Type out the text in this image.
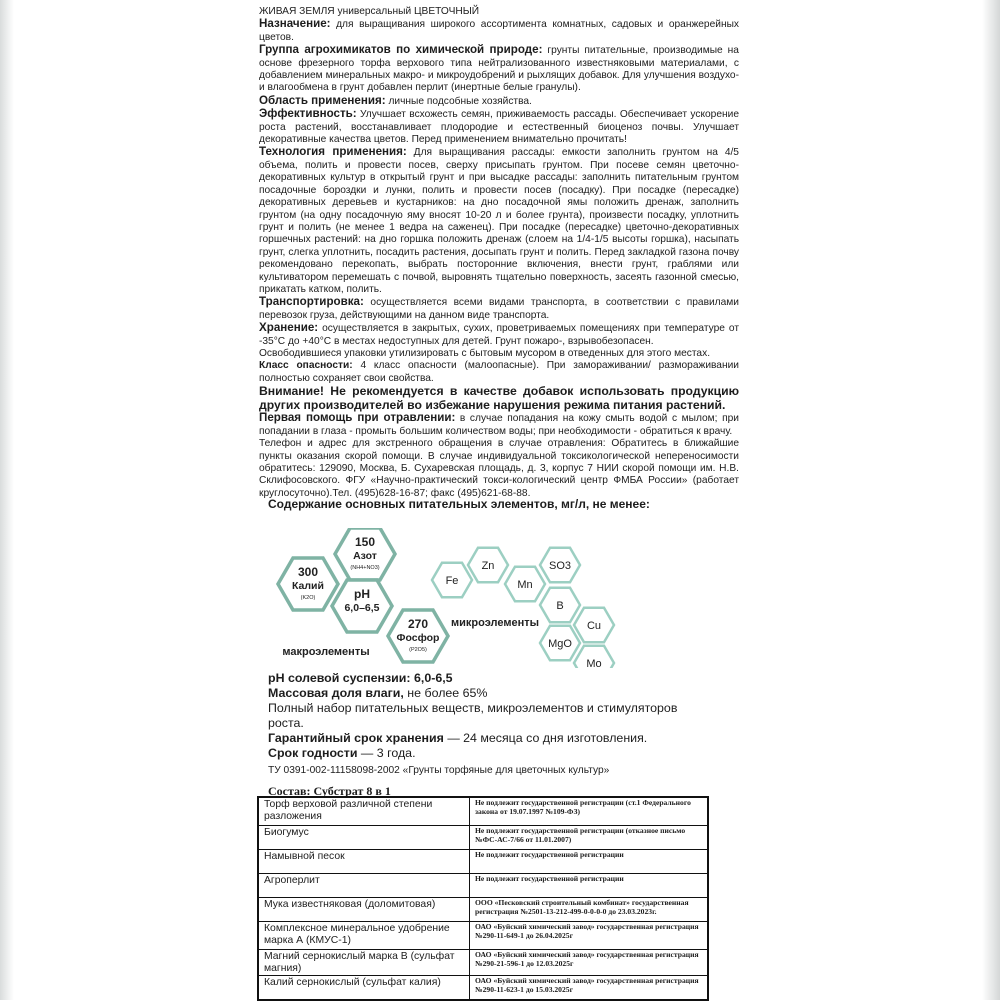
ЖИВАЯ ЗЕМЛЯ универсальный ЦВЕТОЧНЫЙ

Назначение: для выращивания широкого ассортимента комнатных, садовых и оранжерейных цветов.

Группа агрохимикатов по химической природе: грунты питательные, производимые на основе фрезерного торфа верхового типа нейтрализованного известняковыми материалами, с добавлением минеральных макро- и микроудобрений и рыхлящих добавок. Для улучшения воздухо- и влагообмена в грунт добавлен перлит (инертные белые гранулы).

Область применения: личные подсобные хозяйства.

Эффективность: Улучшает всхожесть семян, приживаемость рассады. Обеспечивает ускорение роста растений, восстанавливает плодородие и естественный биоценоз почвы. Улучшает декоративные качества цветов. Перед применением внимательно прочитать!

Технология применения: Для выращивания рассады: емкости заполнить грунтом на 4/5 объема, полить и провести посев, сверху присыпать грунтом. При посеве семян цветочно-декоративных культур в открытый грунт и при высадке рассады: заполнить питательным грунтом посадочные бороздки и лунки, полить и провести посев (посадку). При посадке (пересадке) декоративных деревьев и кустарников: на дно посадочной ямы положить дренаж, заполнить грунтом (на одну посадочную яму вносят 10-20 л и более грунта), произвести посадку, уплотнить грунт и полить (не менее 1 ведра на саженец). При посадке (пересадке) цветочно-декоративных горшечных растений: на дно горшка положить дренаж (слоем на 1/4-1/5 высоты горшка), насыпать грунт, слегка уплотнить, посадить растения, досыпать грунт и полить. Перед закладкой газона почву рекомендовано перекопать, выбрать посторонние включения, внести грунт, граблями или культиватором перемешать с почвой, выровнять тщательно поверхность, засеять газонной смесью, прикатать катком, полить.

Транспортировка: осуществляется всеми видами транспорта, в соответствии с правилами перевозок груза, действующими на данном виде транспорта.

Хранение: осуществляется в закрытых, сухих, проветриваемых помещениях при температуре от -35°С до +40°С в местах недоступных для детей. Грунт пожаро-, взрывобезопасен.

Освободившиеся упаковки утилизировать с бытовым мусором в отведенных для этого местах.

Класс опасности: 4 класс опасности (малоопасные). При замораживании/ размораживании полностью сохраняет свои свойства.

Внимание! Не рекомендуется в качестве добавок использовать продукцию других производителей во избежание нарушения режима питания растений.

Первая помощь при отравлении: в случае попадания на кожу смыть водой с мылом; при попадании в глаза - промыть большим количеством воды; при необходимости - обратиться к врачу.

Телефон и адрес для экстренного обращения в случае отравления: Обратитесь в ближайшие пункты оказания скорой помощи. В случае индивидуальной токсикологической непереносимости обратитесь: 129090, Москва, Б. Сухаревская площадь, д. 3, корпус 7 НИИ скорой помощи им. Н.В. Склифосовского. ФГУ «Научно-практический токси-кологический центр ФМБА России» (работает круглосуточно).Тел. (495)628-16-87; факс (495)621-68-88.

Содержание основных питательных элементов, мг/л, не менее:
150
Азот
(NH4+NO3)
300
Калий
(K2O)	pH
6,0–6,5
270
Фосфор
(P2O5)
Fe
Zn
Mn
SO3
B
Cu
MgO
Mo
макроэлементы
микроэлементы

pH солевой суспензии: 6,0-6,5

Массовая доля влаги, не более 65%

Полный набор питательных веществ, микроэлементов и стимуляторов роста.

Гарантийный срок хранения — 24 месяца со дня изготовления.

Срок годности — 3 года.

ТУ 0391-002-11158098-2002 «Грунты торфяные для цветочных культур»
Состав: Субстрат 8 в 1
Торф верховой различной степени разложения	Не подлежит государственной регистрации (ст.1 Федерального закона от 19.07.1997 №109-ФЗ)
Биогумус	Не подлежит государственной регистрации (отказное письмо №ФС-АС-7/66 от 11.01.2007)
Намывной песок	Не подлежит государственной регистрации
Агроперлит	Не подлежит государственной регистрации
Мука известняковая (доломитовая)	ООО «Песковский строительный комбинат» государственная регистрация №2501-13-212-499-0-0-0-0 до 23.03.2023г.
Комплексное минеральное удобрение марка А (КМУС-1)	ОАО «Буйский химический завод» государственная регистрация №290-11-649-1 до 26.04.2025г
Магний сернокислый марка В (сульфат магния)	ОАО «Буйский химический завод» государственная регистрация №290-21-596-1 до 12.03.2025г
Калий сернокислый (сульфат калия)	ОАО «Буйский химический завод» государственная регистрация №290-11-623-1 до 15.03.2025г
